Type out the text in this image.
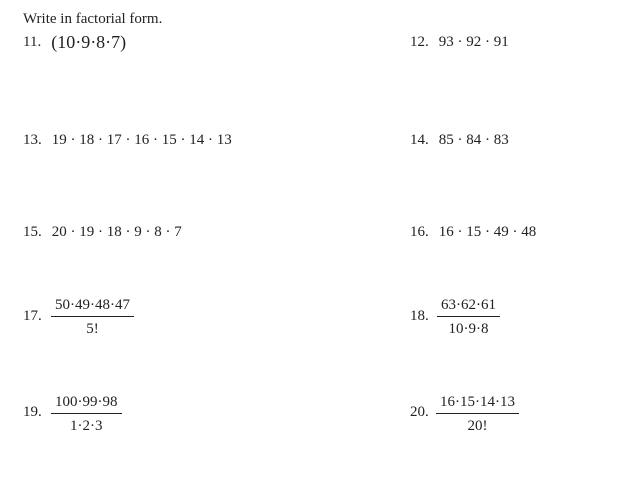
Write in factorial form.
11. (10·9·8·7)	12. 93 · 92 · 91
13. 19 · 18 · 17 · 16 · 15 · 14 · 13	14. 85 · 84 · 83
15. 20 · 19 · 18 · 9 · 8 · 7	16. 16 · 15 · 49 · 48
17.
50·49·48·47
5!
18.
63·62·61
10·9·8
19.
100·99·98
1·2·3
20.
16·15·14·13
20!
